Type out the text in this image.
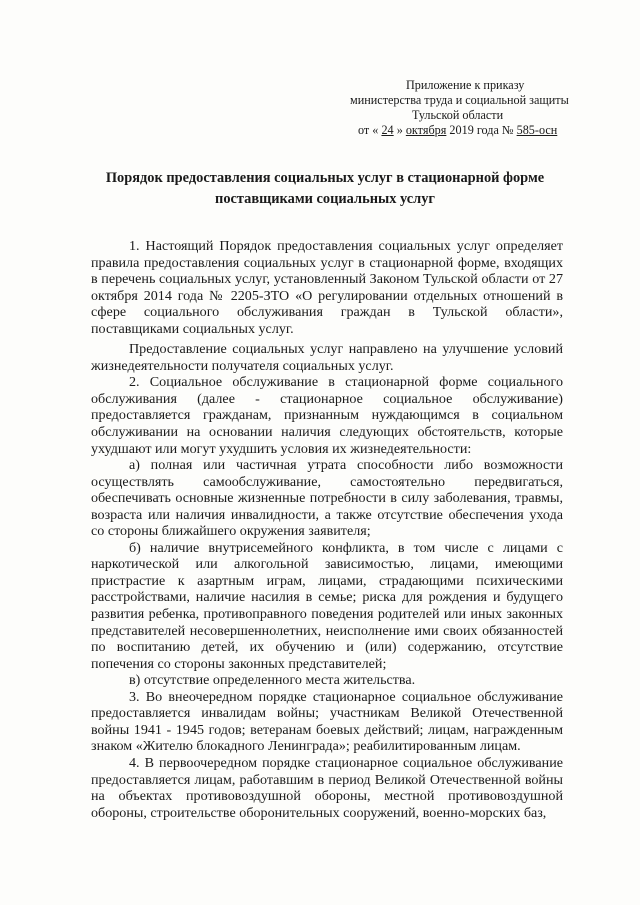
Приложение к приказу
министерства труда и социальной защиты
Тульской области
от « 24 » октября 2019 года № 585-осн
Порядок предоставления социальных услуг в стационарной форме
поставщиками социальных услуг

1. Настоящий Порядок предоставления социальных услуг определяет правила предоставления социальных услуг в стационарной форме, входящих в перечень социальных услуг, установленный Законом Тульской области от 27 октября 2014 года № 2205-ЗТО «О регулировании отдельных отношений в сфере социального обслуживания граждан в Тульской области», поставщиками социальных услуг.

Предоставление социальных услуг направлено на улучшение условий жизнедеятельности получателя социальных услуг.

2. Социальное обслуживание в стационарной форме социального обслуживания (далее - стационарное социальное обслуживание) предоставляется гражданам, признанным нуждающимся в социальном обслуживании на основании наличия следующих обстоятельств, которые ухудшают или могут ухудшить условия их жизнедеятельности:

а) полная или частичная утрата способности либо возможности осуществлять самообслуживание, самостоятельно передвигаться, обеспечивать основные жизненные потребности в силу заболевания, травмы, возраста или наличия инвалидности, а также отсутствие обеспечения ухода со стороны ближайшего окружения заявителя;

б) наличие внутрисемейного конфликта, в том числе с лицами с наркотической или алкогольной зависимостью, лицами, имеющими пристрастие к азартным играм, лицами, страдающими психическими расстройствами, наличие насилия в семье; риска для рождения и будущего развития ребенка, противоправного поведения родителей или иных законных представителей несовершеннолетних, неисполнение ими своих обязанностей по воспитанию детей, их обучению и (или) содержанию, отсутствие попечения со стороны законных представителей;

в) отсутствие определенного места жительства.

3. Во внеочередном порядке стационарное социальное обслуживание предоставляется инвалидам войны; участникам Великой Отечественной войны 1941 - 1945 годов; ветеранам боевых действий; лицам, награжденным знаком «Жителю блокадного Ленинграда»; реабилитированным лицам.

4. В первоочередном порядке стационарное социальное обслуживание предоставляется лицам, работавшим в период Великой Отечественной войны на объектах противовоздушной обороны, местной противовоздушной обороны, строительстве оборонительных сооружений, военно-морских баз,
